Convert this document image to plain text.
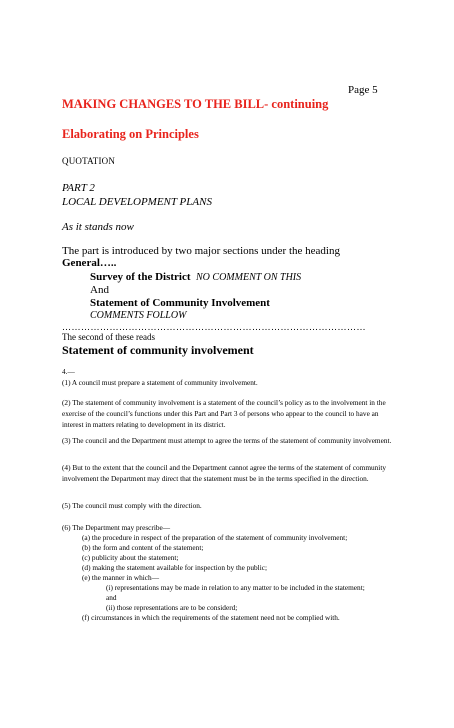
Page 5
MAKING CHANGES TO THE BILL- continuing
Elaborating on Principles
QUOTATION
PART 2
LOCAL DEVELOPMENT PLANS
As it stands now
The part is introduced by two major sections under the heading
General…..
Survey of the District NO COMMENT ON THIS
And
Statement of Community Involvement
COMMENTS FOLLOW
……………………………………………………………………………………
The second of these reads
Statement of community involvement
4.—
(1) A council must prepare a statement of community involvement.
(2) The statement of community involvement is a statement of the council’s policy as to the involvement in the exercise of the council’s functions under this Part and Part 3 of persons who appear to the council to have an interest in matters relating to development in its district.
(3) The council and the Department must attempt to agree the terms of the statement of community involvement.
(4) But to the extent that the council and the Department cannot agree the terms of the statement of community involvement the Department may direct that the statement must be in the terms specified in the direction.
(5) The council must comply with the direction.
(6) The Department may prescribe—
(a) the procedure in respect of the preparation of the statement of community involvement;
(b) the form and content of the statement;
(c) publicity about the statement;
(d) making the statement available for inspection by the public;
(e) the manner in which—
(i) representations may be made in relation to any matter to be included in the statement;
and
(ii) those representations are to be considerd;
(f) circumstances in which the requirements of the statement need not be complied with.
